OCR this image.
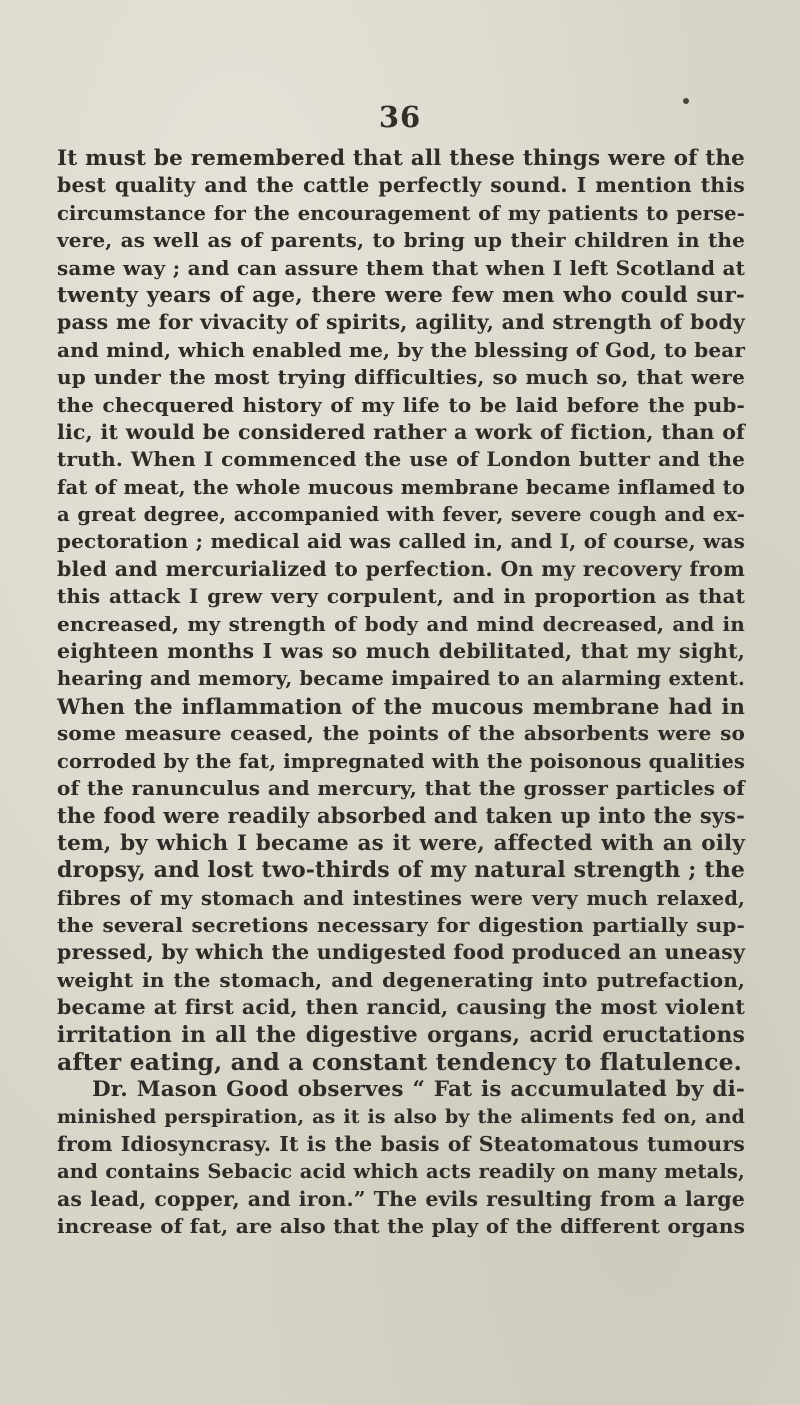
36
It must be remembered that all these things were of the
best quality and the cattle perfectly sound. I mention this
circumstance for the encouragement of my patients to perse-
vere, as well as of parents, to bring up their children in the
same way ; and can assure them that when I left Scotland at
twenty years of age, there were few men who could sur-
pass me for vivacity of spirits, agility, and strength of body
and mind, which enabled me, by the blessing of God, to bear
up under the most trying difficulties, so much so, that were
the checquered history of my life to be laid before the pub-
lic, it would be considered rather a work of fiction, than of
truth. When I commenced the use of London butter and the
fat of meat, the whole mucous membrane became inflamed to
a great degree, accompanied with fever, severe cough and ex-
pectoration ; medical aid was called in, and I, of course, was
bled and mercurialized to perfection. On my recovery from
this attack I grew very corpulent, and in proportion as that
encreased, my strength of body and mind decreased, and in
eighteen months I was so much debilitated, that my sight,
hearing and memory, became impaired to an alarming extent.
When the inflammation of the mucous membrane had in
some measure ceased, the points of the absorbents were so
corroded by the fat, impregnated with the poisonous qualities
of the ranunculus and mercury, that the grosser particles of
the food were readily absorbed and taken up into the sys-
tem, by which I became as it were, affected with an oily
dropsy, and lost two-thirds of my natural strength ; the
fibres of my stomach and intestines were very much relaxed,
the several secretions necessary for digestion partially sup-
pressed, by which the undigested food produced an uneasy
weight in the stomach, and degenerating into putrefaction,
became at first acid, then rancid, causing the most violent
irritation in all the digestive organs, acrid eructations
after eating, and a constant tendency to flatulence.
Dr. Mason Good observes “ Fat is accumulated by di-
minished perspiration, as it is also by the aliments fed on, and
from Idiosyncrasy. It is the basis of Steatomatous tumours
and contains Sebacic acid which acts readily on many metals,
as lead, copper, and iron.” The evils resulting from a large
increase of fat, are also that the play of the different organs
